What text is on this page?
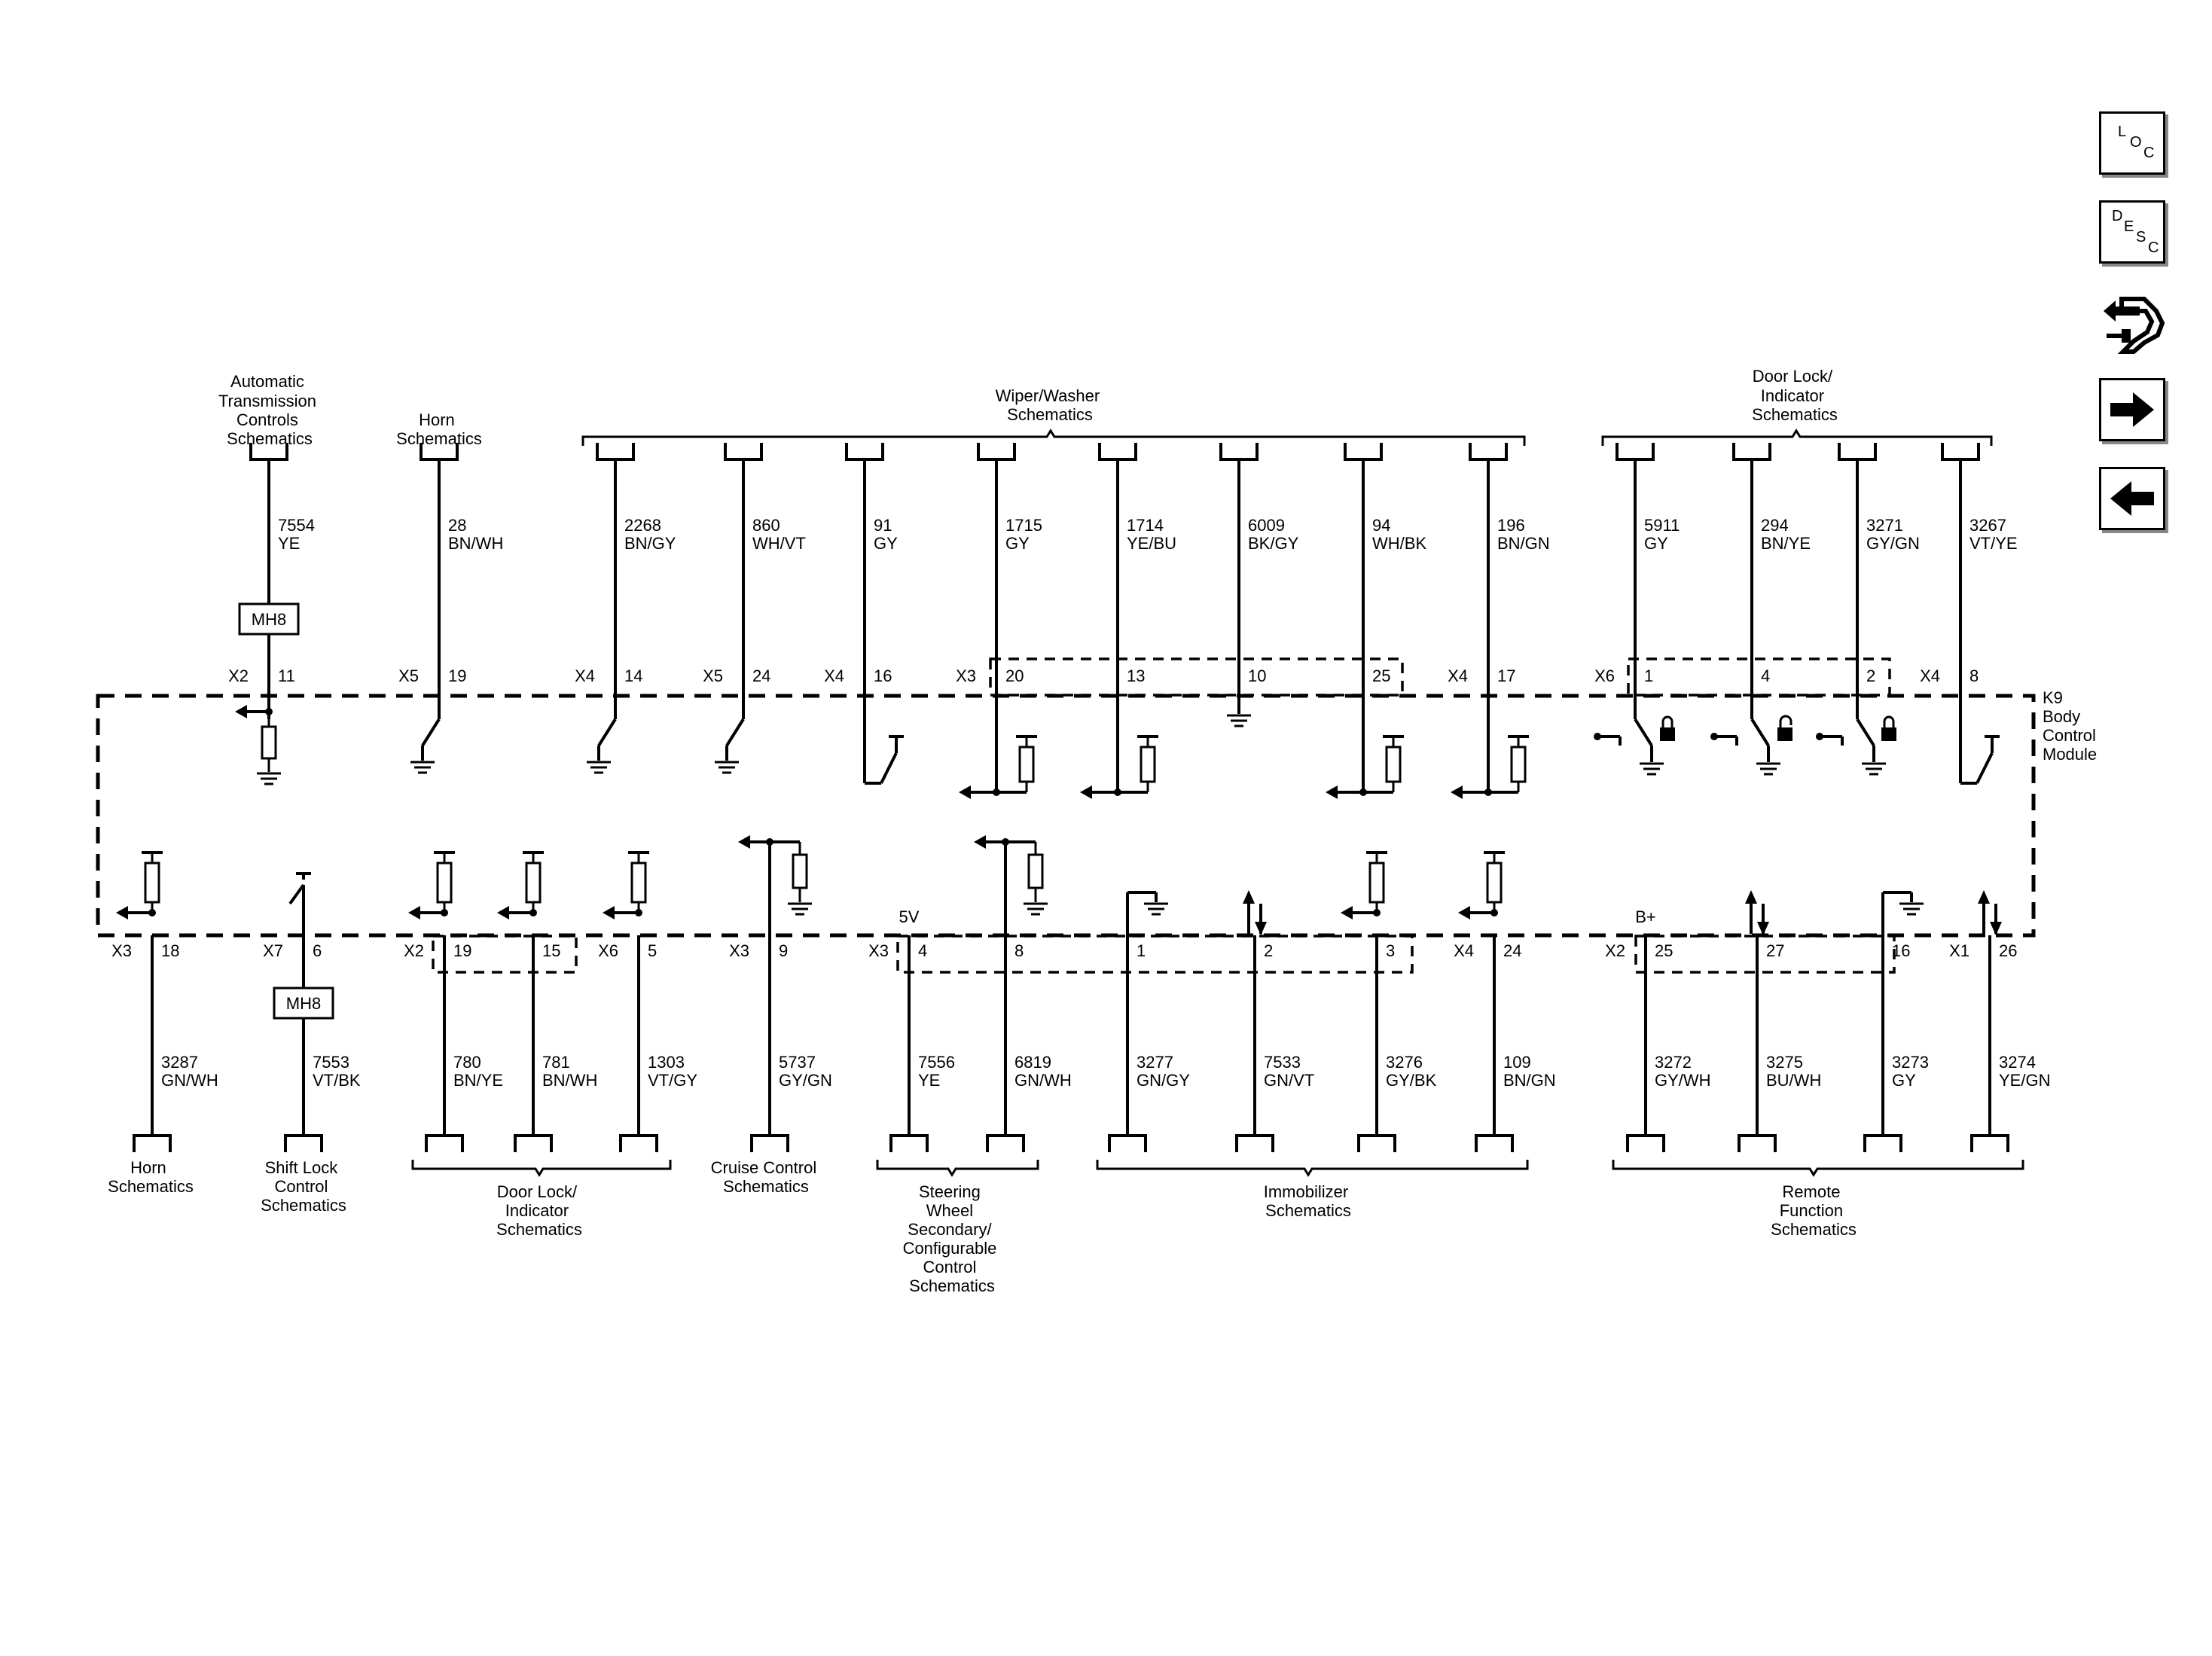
K9 Body Control Module
7554
YE
X2 11
MH8
28
BN/WH
X5 19
2268
BN/GY
X4 14
860
WH/VT
X5 24
91
GY
X4 16
1715
GY
X3 20
1714
YE/BU
13
6009
BK/GY
10
94
WH/BK
25
196
BN/GN
X4 17
5911
GY
X6 1
294
BN/YE
4
3271
GY/GN
2
3267
VT/YE
X4 8
3287
GN/WH
X3 18
7553
VT/BK
X7 6
MH8
780
BN/YE
X2 19
781
BN/WH
15
1303
VT/GY
X6 5
5737
GY/GN
X3 9
7556
YE
X3 4
5V
6819
GN/WH
8
3277
GN/GY
1
7533
GN/VT
2
3276
GY/BK
3
109
BN/GN
X4 24
3272
GY/WH
X2 25
B+
3275
BU/WH
27
3273
GY
16
3274
YE/GN
X1 26
Automatic Transmission Controls Schematics
Horn Schematics
Wiper/Washer Schematics
Door Lock/ Indicator Schematics
Horn Schematics
Shift Lock Control Schematics
Door Lock/ Indicator Schematics
Cruise Control Schematics	Steering Wheel Secondary/ Configurable Control Schematics
Immobilizer Schematics
Remote Function Schematics
L
O
C
D
E
S
C
